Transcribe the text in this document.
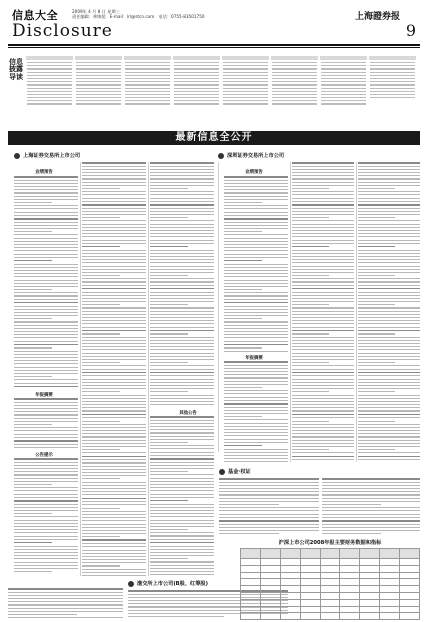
信息大全	2009年 4 月 8 日 星期三
责任编辑：林锦超　E-mail：lrl@stcn.com　电话：0755-83501750
Disclosure
上海證券报
9
信息披露导读
最新信息全公开
上海证券交易所上市公司	深圳证券交易所上市公司
基金·权证
业绩预告
年报摘要
公告提示
业绩预告
年报摘要
其他公告
渤交所上市公司(B股、红筹股)
沪深上市公司2008年报主要财务数据和指标
